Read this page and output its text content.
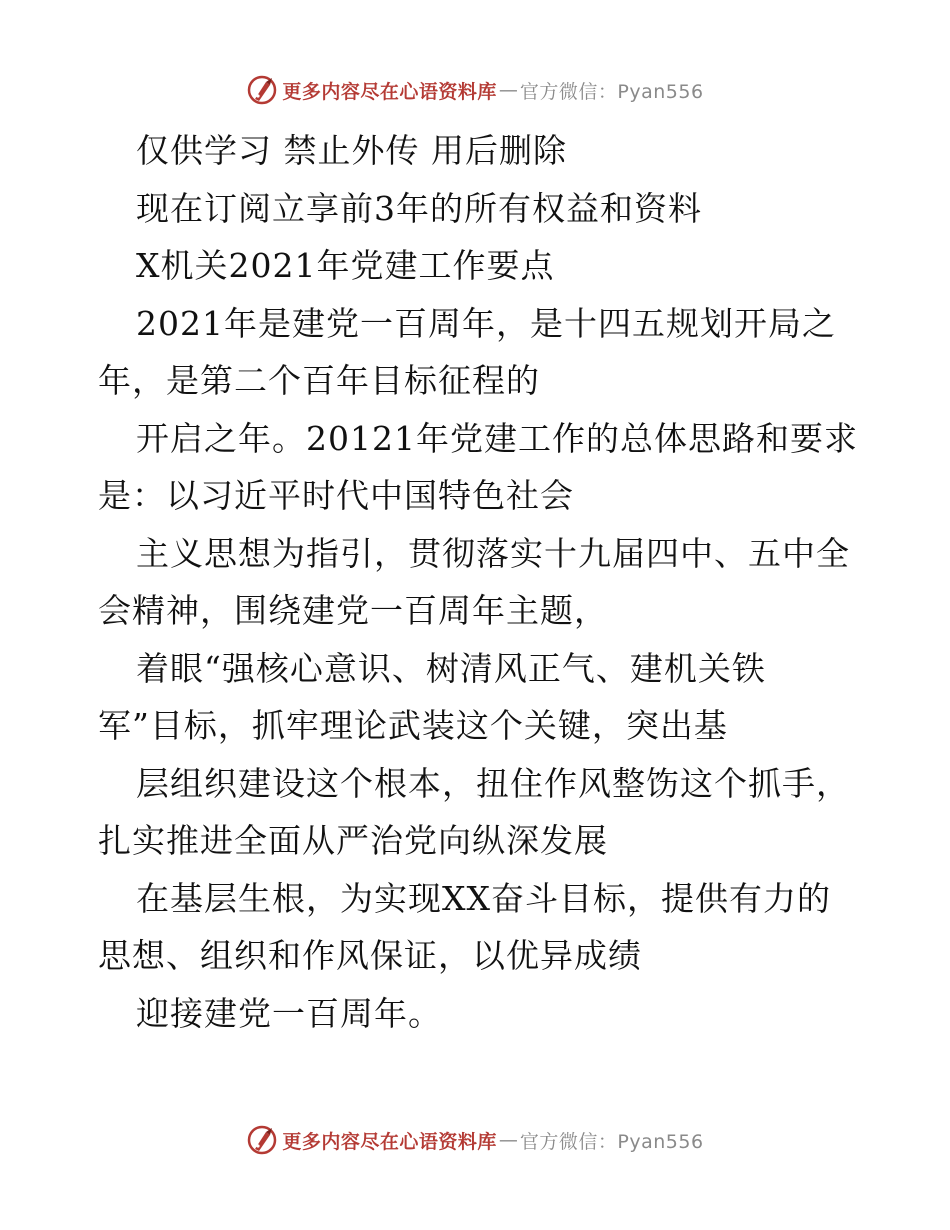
更多内容尽在心语资料库 — 官方微信：Pyan556

仅供学习 禁止外传 用后删除

现在订阅立享前3年的所有权益和资料

X机关2021年党建工作要点

2021年是建党一百周年，是十四五规划开局之

年，是第二个百年目标征程的

开启之年。20121年党建工作的总体思路和要求

是：以习近平时代中国特色社会

主义思想为指引，贯彻落实十九届四中、五中全

会精神，围绕建党一百周年主题，

着眼“强核心意识、树清风正气、建机关铁

军”目标，抓牢理论武装这个关键，突出基

层组织建设这个根本，扭住作风整饬这个抓手，

扎实推进全面从严治党向纵深发展

在基层生根，为实现XX奋斗目标，提供有力的

思想、组织和作风保证，以优异成绩

迎接建党一百周年。

更多内容尽在心语资料库 — 官方微信：Pyan556
